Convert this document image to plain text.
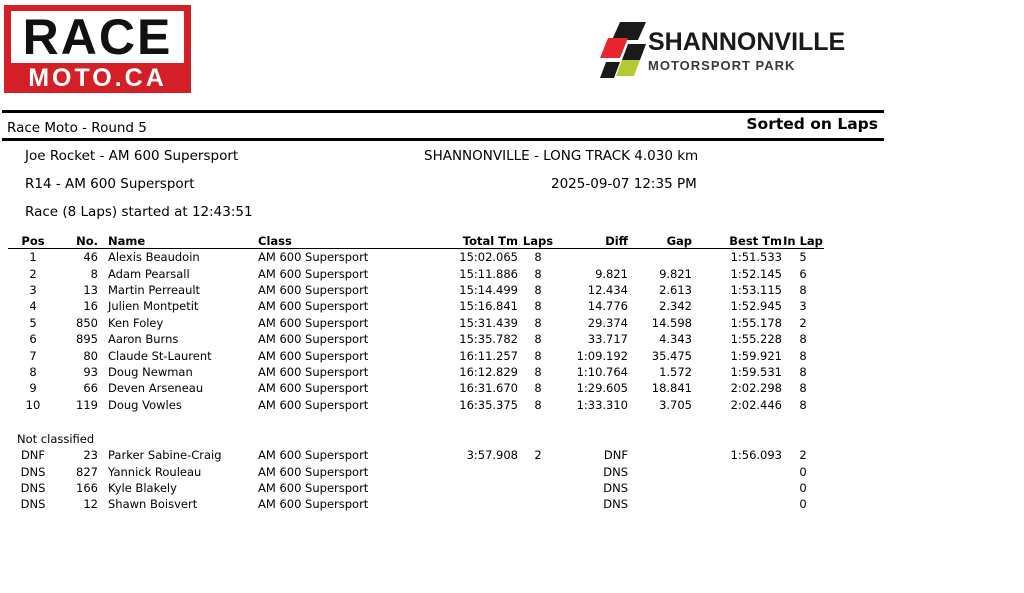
RACE
MOTO.CA
SHANNONVILLE
MOTORSPORT PARK
Race Moto - Round 5	Sorted on Laps
Joe Rocket - AM 600 Supersport	SHANNONVILLE - LONG TRACK 4.030 km
R14 - AM 600 Supersport	2025-09-07 12:35 PM
Race (8 Laps) started at 12:43:51
Pos	No.	Name	Class	Total Tm	Laps	Diff	Gap	Best Tm	In Lap
1	46	Alexis Beaudoin	AM 600 Supersport	15:02.065	8			1:51.533	5
2	8	Adam Pearsall	AM 600 Supersport	15:11.886	8	9.821	9.821	1:52.145	6
3	13	Martin Perreault	AM 600 Supersport	15:14.499	8	12.434	2.613	1:53.115	8
4	16	Julien Montpetit	AM 600 Supersport	15:16.841	8	14.776	2.342	1:52.945	3
5	850	Ken Foley	AM 600 Supersport	15:31.439	8	29.374	14.598	1:55.178	2
6	895	Aaron Burns	AM 600 Supersport	15:35.782	8	33.717	4.343	1:55.228	8
7	80	Claude St-Laurent	AM 600 Supersport	16:11.257	8	1:09.192	35.475	1:59.921	8
8	93	Doug Newman	AM 600 Supersport	16:12.829	8	1:10.764	1.572	1:59.531	8
9	66	Deven Arseneau	AM 600 Supersport	16:31.670	8	1:29.605	18.841	2:02.298	8
10	119	Doug Vowles	AM 600 Supersport	16:35.375	8	1:33.310	3.705	2:02.446	8
Not classified
DNF	23	Parker Sabine-Craig	AM 600 Supersport	3:57.908	2	DNF		1:56.093	2
DNS	827	Yannick Rouleau	AM 600 Supersport			DNS			0
DNS	166	Kyle Blakely	AM 600 Supersport			DNS			0
DNS	12	Shawn Boisvert	AM 600 Supersport			DNS			0
